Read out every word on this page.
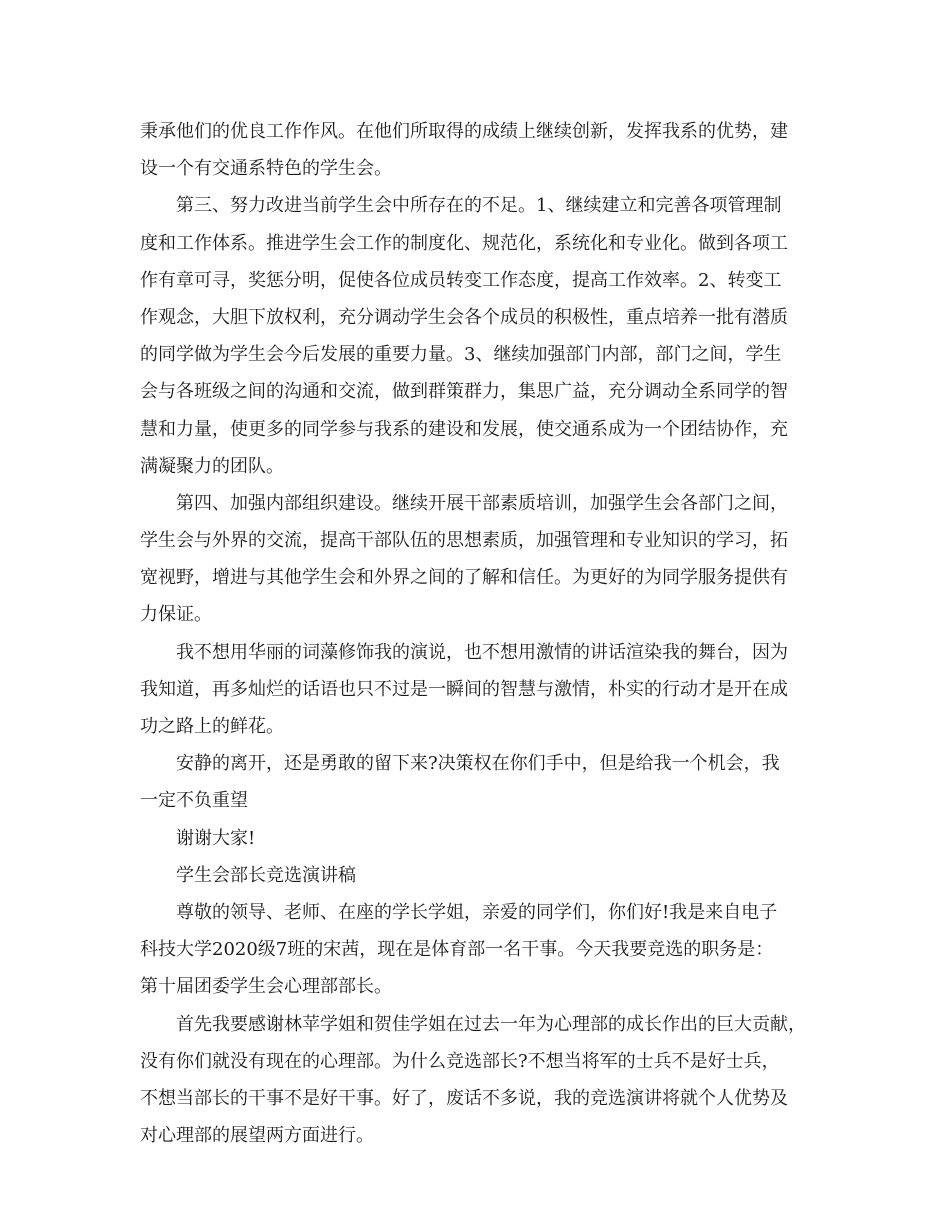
秉承他们的优良工作作风。在他们所取得的成绩上继续创新，发挥我系的优势，建
设一个有交通系特色的学生会。
第三、努力改进当前学生会中所存在的不足。1、继续建立和完善各项管理制
度和工作体系。推进学生会工作的制度化、规范化，系统化和专业化。做到各项工
作有章可寻，奖惩分明，促使各位成员转变工作态度，提高工作效率。2、转变工
作观念，大胆下放权利，充分调动学生会各个成员的积极性，重点培养一批有潜质
的同学做为学生会今后发展的重要力量。3、继续加强部门内部，部门之间，学生
会与各班级之间的沟通和交流，做到群策群力，集思广益，充分调动全系同学的智
慧和力量，使更多的同学参与我系的建设和发展，使交通系成为一个团结协作，充
满凝聚力的团队。
第四、加强内部组织建设。继续开展干部素质培训，加强学生会各部门之间，
学生会与外界的交流，提高干部队伍的思想素质，加强管理和专业知识的学习，拓
宽视野，增进与其他学生会和外界之间的了解和信任。为更好的为同学服务提供有
力保证。
我不想用华丽的词藻修饰我的演说，也不想用激情的讲话渲染我的舞台，因为
我知道，再多灿烂的话语也只不过是一瞬间的智慧与激情，朴实的行动才是开在成
功之路上的鲜花。
安静的离开，还是勇敢的留下来?决策权在你们手中，但是给我一个机会，我
一定不负重望
谢谢大家!
学生会部长竞选演讲稿
尊敬的领导、老师、在座的学长学姐，亲爱的同学们，你们好!我是来自电子
科技大学2020级7班的宋茜，现在是体育部一名干事。今天我要竞选的职务是：
第十届团委学生会心理部部长。
首先我要感谢林苹学姐和贺佳学姐在过去一年为心理部的成长作出的巨大贡献，
没有你们就没有现在的心理部。为什么竞选部长?不想当将军的士兵不是好士兵，
不想当部长的干事不是好干事。好了，废话不多说，我的竞选演讲将就个人优势及
对心理部的展望两方面进行。
